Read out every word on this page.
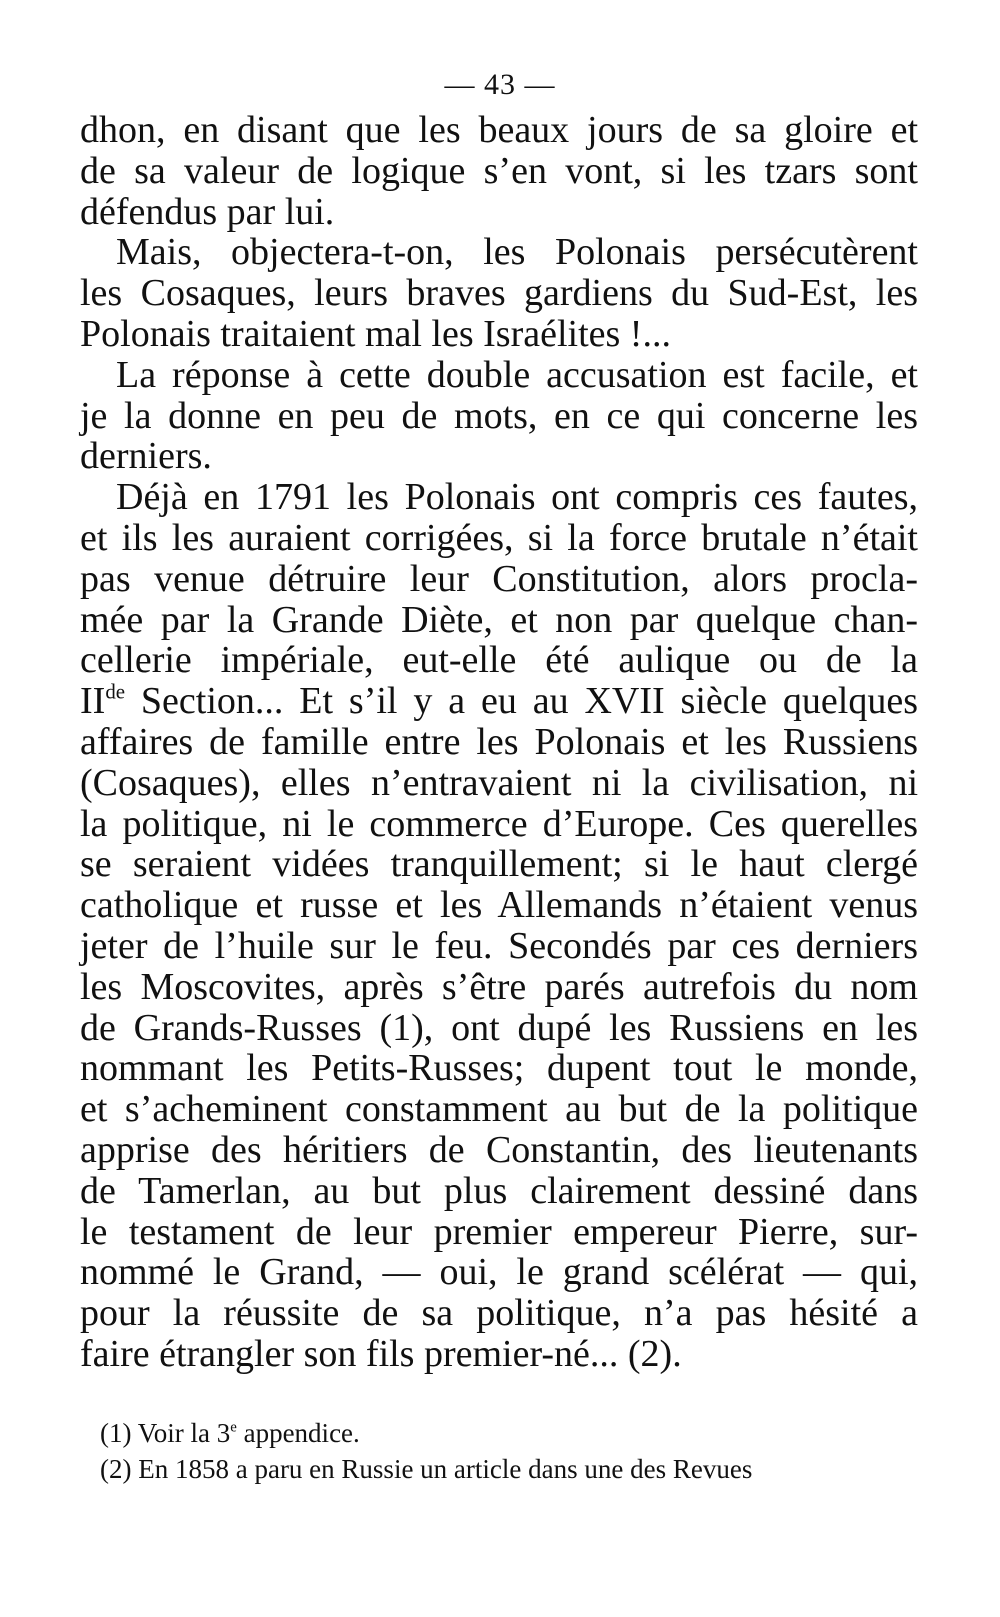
— 43 —
dhon, en disant que les beaux jours de sa gloire et
de sa valeur de logique s’en vont, si les tzars sont
défendus par lui.
Mais, objectera-t-on, les Polonais persécutèrent
les Cosaques, leurs braves gardiens du Sud-Est, les
Polonais traitaient mal les Israélites !...
La réponse à cette double accusation est facile, et
je la donne en peu de mots, en ce qui concerne les
derniers.
Déjà en 1791 les Polonais ont compris ces fautes,
et ils les auraient corrigées, si la force brutale n’était
pas venue détruire leur Constitution, alors procla-
mée par la Grande Diète, et non par quelque chan-
cellerie impériale, eut-elle été aulique ou de la
IIde Section... Et s’il y a eu au XVII siècle quelques
affaires de famille entre les Polonais et les Russiens
(Cosaques), elles n’entravaient ni la civilisation, ni
la politique, ni le commerce d’Europe. Ces querelles
se seraient vidées tranquillement; si le haut clergé
catholique et russe et les Allemands n’étaient venus
jeter de l’huile sur le feu. Secondés par ces derniers
les Moscovites, après s’être parés autrefois du nom
de Grands-Russes (1), ont dupé les Russiens en les
nommant les Petits-Russes; dupent tout le monde,
et s’acheminent constamment au but de la politique
apprise des héritiers de Constantin, des lieutenants
de Tamerlan, au but plus clairement dessiné dans
le testament de leur premier empereur Pierre, sur-
nommé le Grand, — oui, le grand scélérat — qui,
pour la réussite de sa politique, n’a pas hésité a
faire étrangler son fils premier-né... (2).
(1) Voir la 3e appendice.
(2) En 1858 a paru en Russie un article dans une des Revues
